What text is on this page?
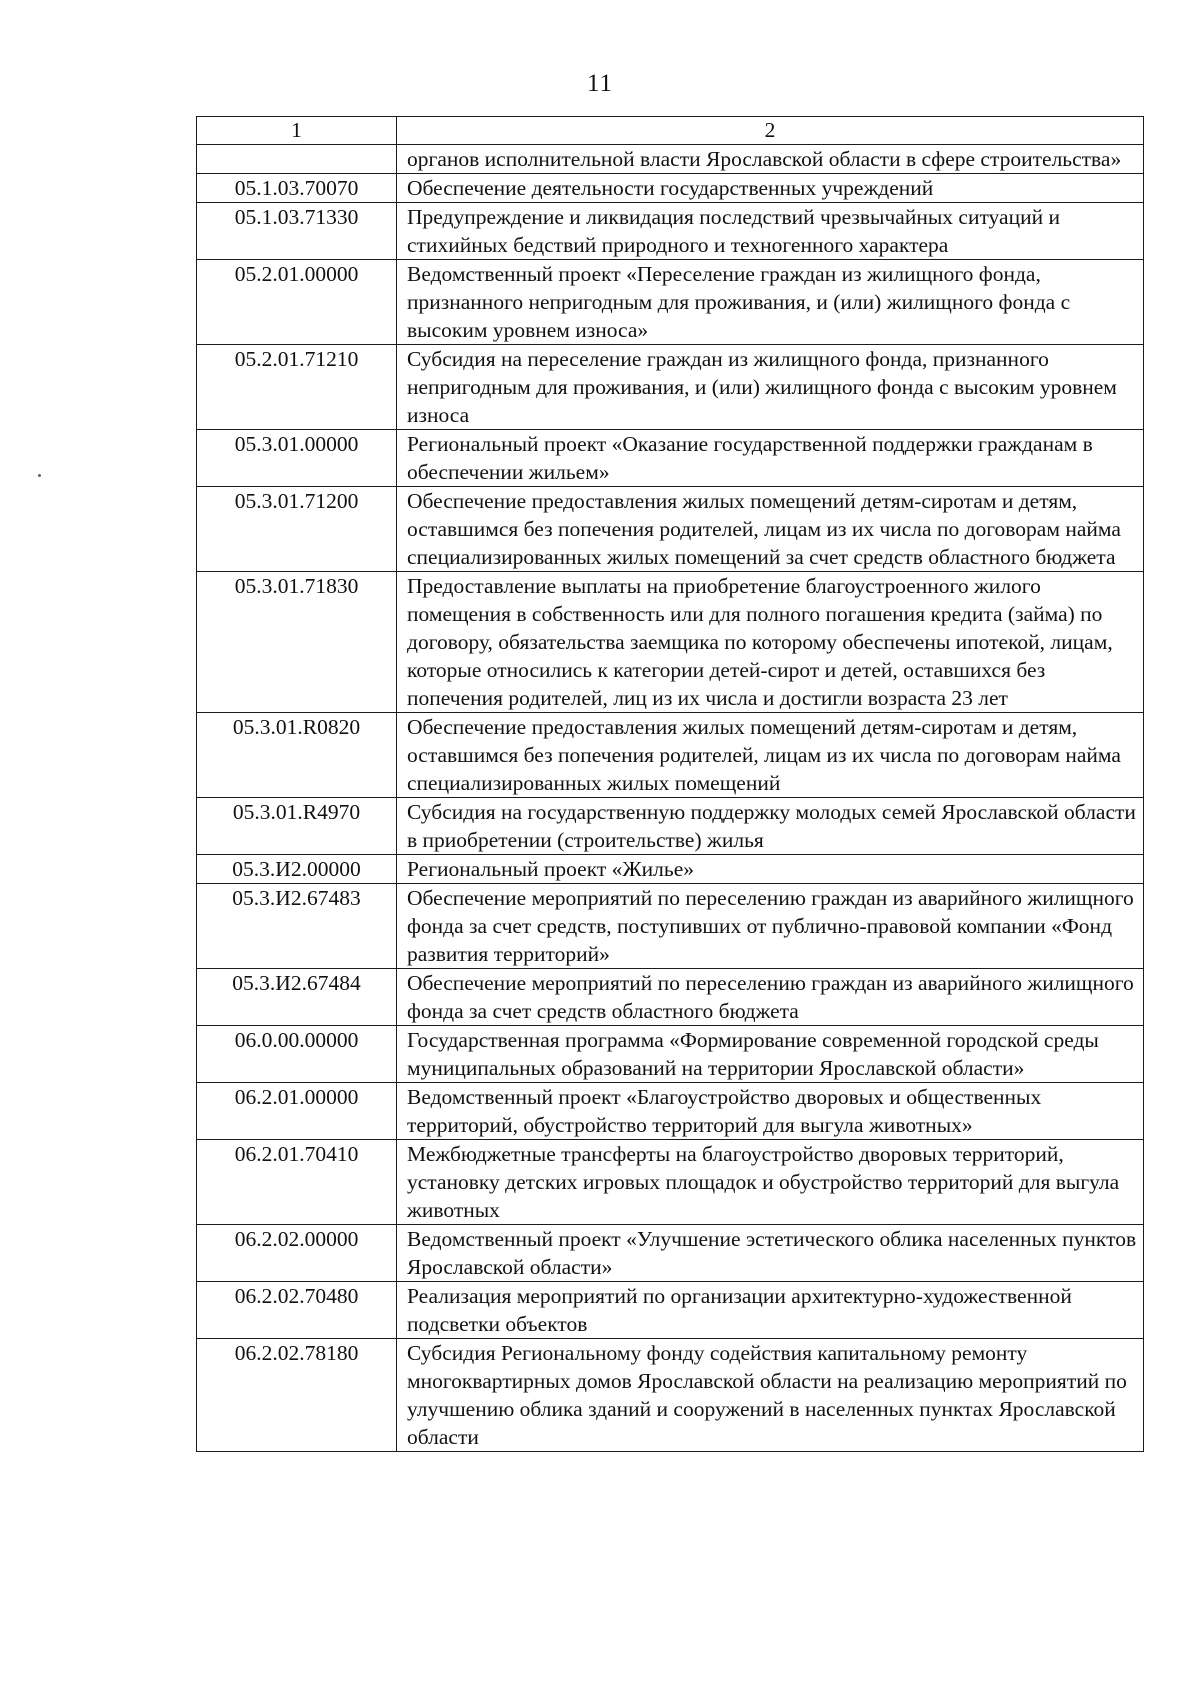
11
1	2
	органов исполнительной власти Ярославской области в сфере строительства»
05.1.03.70070	Обеспечение деятельности государственных учреждений
05.1.03.71330	Предупреждение и ликвидация последствий чрезвычайных ситуаций и стихийных бедствий природного и техногенного характера
05.2.01.00000	Ведомственный проект «Переселение граждан из жилищного фонда, признанного непригодным для проживания, и (или) жилищного фонда с высоким уровнем износа»
05.2.01.71210	Субсидия на переселение граждан из жилищного фонда, признанного непригодным для проживания, и (или) жилищного фонда с высоким уровнем износа
05.3.01.00000	Региональный проект «Оказание государственной поддержки гражданам в обеспечении жильем»
05.3.01.71200	Обеспечение предоставления жилых помещений детям-сиротам и детям, оставшимся без попечения родителей, лицам из их числа по договорам найма специализированных жилых помещений за счет средств областного бюджета
05.3.01.71830	Предоставление выплаты на приобретение благоустроенного жилого помещения в собственность или для полного погашения кредита (займа) по договору, обязательства заемщика по которому обеспечены ипотекой, лицам, которые относились к категории детей-сирот и детей, оставшихся без попечения родителей, лиц из их числа и достигли возраста 23 лет
05.3.01.R0820	Обеспечение предоставления жилых помещений детям-сиротам и детям, оставшимся без попечения родителей, лицам из их числа по договорам найма специализированных жилых помещений
05.3.01.R4970	Субсидия на государственную поддержку молодых семей Ярославской области в приобретении (строительстве) жилья
05.3.И2.00000	Региональный проект «Жилье»
05.3.И2.67483	Обеспечение мероприятий по переселению граждан из аварийного жилищного фонда за счет средств, поступивших от публично-правовой компании «Фонд развития территорий»
05.3.И2.67484	Обеспечение мероприятий по переселению граждан из аварийного жилищного фонда за счет средств областного бюджета
06.0.00.00000	Государственная программа «Формирование современной городской среды муниципальных образований на территории Ярославской области»
06.2.01.00000	Ведомственный проект «Благоустройство дворовых и общественных территорий, обустройство территорий для выгула животных»
06.2.01.70410	Межбюджетные трансферты на благоустройство дворовых территорий, установку детских игровых площадок и обустройство территорий для выгула животных
06.2.02.00000	Ведомственный проект «Улучшение эстетического облика населенных пунктов Ярославской области»
06.2.02.70480	Реализация мероприятий по организации архитектурно-художественной подсветки объектов
06.2.02.78180	Субсидия Региональному фонду содействия капитальному ремонту многоквартирных домов Ярославской области на реализацию мероприятий по улучшению облика зданий и сооружений в населенных пунктах Ярославской области
